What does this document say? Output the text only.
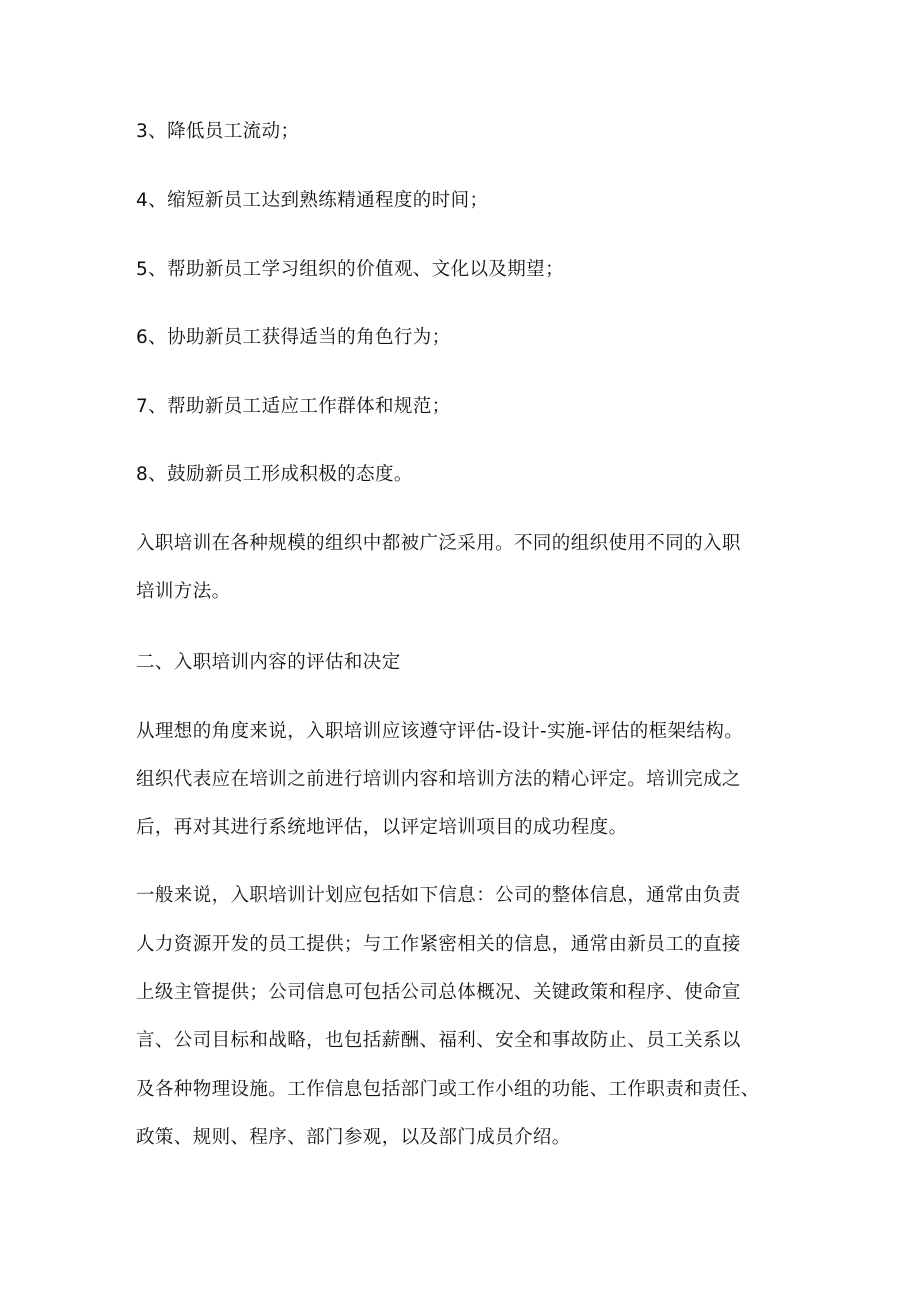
3、降低员工流动；
4、缩短新员工达到熟练精通程度的时间；
5、帮助新员工学习组织的价值观、文化以及期望；
6、协助新员工获得适当的角色行为；
7、帮助新员工适应工作群体和规范；
8、鼓励新员工形成积极的态度。
入职培训在各种规模的组织中都被广泛采用。不同的组织使用不同的入职
培训方法。
二、入职培训内容的评估和决定
从理想的角度来说，入职培训应该遵守评估-设计-实施-评估的框架结构。
组织代表应在培训之前进行培训内容和培训方法的精心评定。培训完成之
后，再对其进行系统地评估，以评定培训项目的成功程度。
一般来说，入职培训计划应包括如下信息：公司的整体信息，通常由负责
人力资源开发的员工提供；与工作紧密相关的信息，通常由新员工的直接
上级主管提供；公司信息可包括公司总体概况、关键政策和程序、使命宣
言、公司目标和战略，也包括薪酬、福利、安全和事故防止、员工关系以
及各种物理设施。工作信息包括部门或工作小组的功能、工作职责和责任、
政策、规则、程序、部门参观，以及部门成员介绍。
